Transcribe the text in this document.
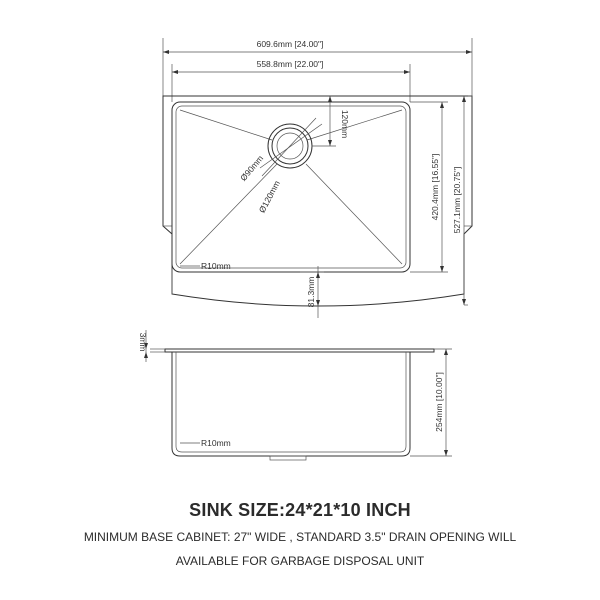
609.6mm [24.00"]
558.8mm [22.00"]
120mm
Ø90mm
Ø120mm
R10mm
420.4mm [16.55"] 527.1mm [20.75"]
81.3mm
3mm
R10mm
254mm [10.00"]
SINK SIZE:24*21*10 INCH
MINIMUM BASE CABINET: 27" WIDE , STANDARD 3.5" DRAIN OPENING WILL
AVAILABLE FOR GARBAGE DISPOSAL UNIT
